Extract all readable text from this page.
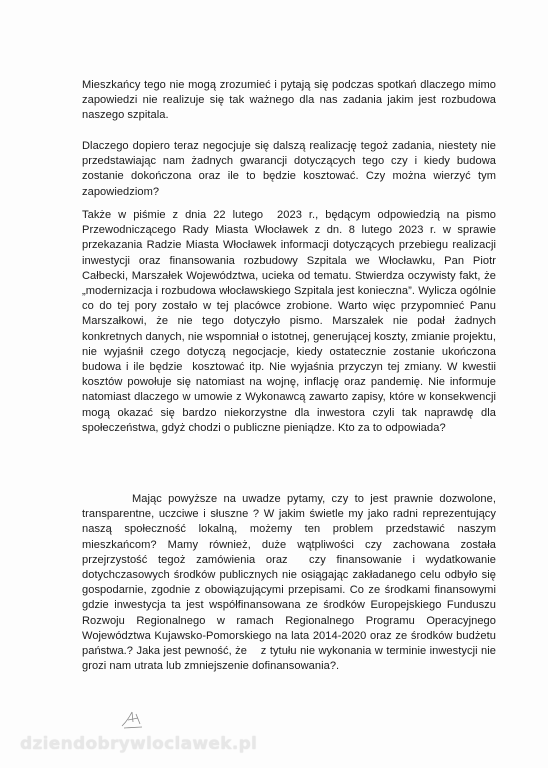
Mieszkańcy tego nie mogą zrozumieć i pytają się podczas spotkań dlaczego mimo zapowiedzi nie realizuje się tak ważnego dla nas zadania jakim jest rozbudowa naszego szpitala.

Dlaczego dopiero teraz negocjuje się dalszą realizację tegoż zadania, niestety nie przedstawiając nam żadnych gwarancji dotyczących tego czy i kiedy budowa zostanie dokończona oraz ile to będzie kosztować. Czy można wierzyć tym zapowiedziom?

Także w piśmie z dnia 22 lutego  2023 r., będącym odpowiedzią na pismo Przewodniczącego Rady Miasta Włocławek z dn. 8 lutego 2023 r. w sprawie przekazania Radzie Miasta Włocławek informacji dotyczących przebiegu realizacji inwestycji oraz finansowania rozbudowy Szpitala we Włocławku, Pan Piotr Całbecki, Marszałek Województwa, ucieka od tematu. Stwierdza oczywisty fakt, że „modernizacja i rozbudowa włocławskiego Szpitala jest konieczna”. Wylicza ogólnie co do tej pory zostało w tej placówce zrobione. Warto więc przypomnieć Panu Marszałkowi, że nie tego dotyczyło pismo. Marszałek nie podał żadnych konkretnych danych, nie wspomniał o istotnej, generującej koszty, zmianie projektu, nie wyjaśnił czego dotyczą negocjacje, kiedy ostatecznie zostanie ukończona budowa i ile będzie  kosztować itp. Nie wyjaśnia przyczyn tej zmiany. W kwestii kosztów powołuje się natomiast na wojnę, inflację oraz pandemię. Nie informuje natomiast dlaczego w umowie z Wykonawcą zawarto zapisy, które w konsekwencji mogą okazać się bardzo niekorzystne dla inwestora czyli tak naprawdę dla społeczeństwa, gdyż chodzi o publiczne pieniądze. Kto za to odpowiada?

Mając powyższe na uwadze pytamy, czy to jest prawnie dozwolone, transparentne, uczciwe i słuszne ? W jakim świetle my jako radni reprezentujący naszą społeczność lokalną, możemy ten problem przedstawić naszym mieszkańcom? Mamy również, duże wątpliwości czy zachowana została przejrzystość tegoż zamówienia oraz  czy finansowanie i wydatkowanie dotychczasowych środków publicznych nie osiągając zakładanego celu odbyło się gospodarnie, zgodnie z obowiązującymi przepisami. Co ze środkami finansowymi gdzie inwestycja ta jest współfinansowana ze środków Europejskiego Funduszu Rozwoju Regionalnego w ramach Regionalnego Programu Operacyjnego Województwa Kujawsko-Pomorskiego na lata 2014-2020 oraz ze środków budżetu państwa.? Jaka jest pewność, że    z tytułu nie wykonania w terminie inwestycji nie grozi nam utrata lub zmniejszenie dofinansowania?.

dziendobrywloclawek.pl
